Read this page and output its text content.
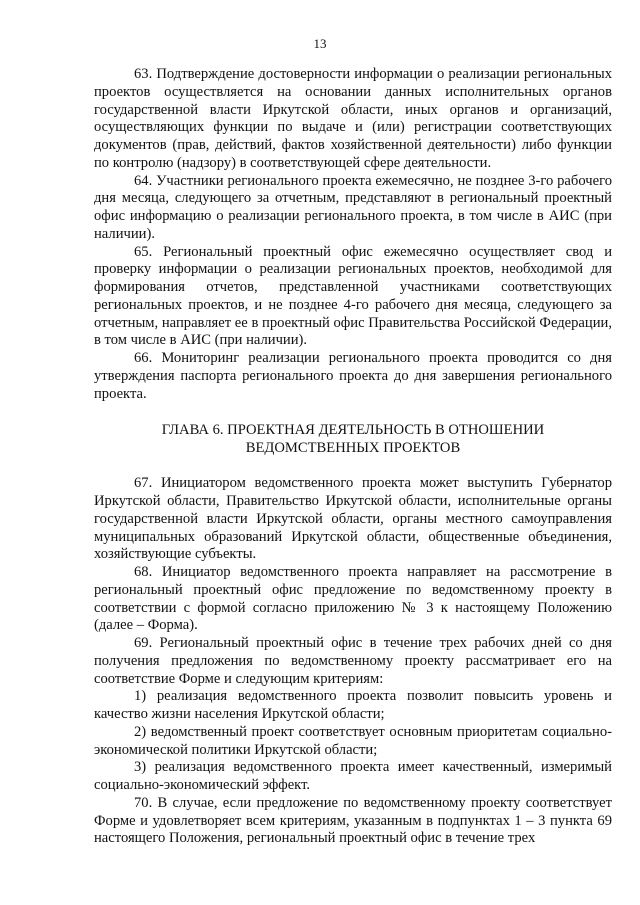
13

63. Подтверждение достоверности информации о реализации региональных проектов осуществляется на основании данных исполнительных органов государственной власти Иркутской области, иных органов и организаций, осуществляющих функции по выдаче и (или) регистрации соответствующих документов (прав, действий, фактов хозяйственной деятельности) либо функции по контролю (надзору) в соответствующей сфере деятельности.

64. Участники регионального проекта ежемесячно, не позднее 3-го рабочего дня месяца, следующего за отчетным, представляют в региональный проектный офис информацию о реализации регионального проекта, в том числе в АИС (при наличии).

65. Региональный проектный офис ежемесячно осуществляет свод и проверку информации о реализации региональных проектов, необходимой для формирования отчетов, представленной участниками соответствующих региональных проектов, и не позднее 4-го рабочего дня месяца, следующего за отчетным, направляет ее в проектный офис Правительства Российской Федерации, в том числе в АИС (при наличии).

66. Мониторинг реализации регионального проекта проводится со дня утверждения паспорта регионального проекта до дня завершения регионального проекта.

ГЛАВА 6. ПРОЕКТНАЯ ДЕЯТЕЛЬНОСТЬ В ОТНОШЕНИИ
ВЕДОМСТВЕННЫХ ПРОЕКТОВ

67. Инициатором ведомственного проекта может выступить Губернатор Иркутской области, Правительство Иркутской области, исполнительные органы государственной власти Иркутской области, органы местного самоуправления муниципальных образований Иркутской области, общественные объединения, хозяйствующие субъекты.

68. Инициатор ведомственного проекта направляет на рассмотрение в региональный проектный офис предложение по ведомственному проекту в соответствии с формой согласно приложению № 3 к настоящему Положению (далее – Форма).

69. Региональный проектный офис в течение трех рабочих дней со дня получения предложения по ведомственному проекту рассматривает его на соответствие Форме и следующим критериям:

1) реализация ведомственного проекта позволит повысить уровень и качество жизни населения Иркутской области;

2) ведомственный проект соответствует основным приоритетам социально-экономической политики Иркутской области;

3) реализация ведомственного проекта имеет качественный, измеримый социально-экономический эффект.

70. В случае, если предложение по ведомственному проекту соответствует Форме и удовлетворяет всем критериям, указанным в подпунктах 1 – 3 пункта 69 настоящего Положения, региональный проектный офис в течение трех
